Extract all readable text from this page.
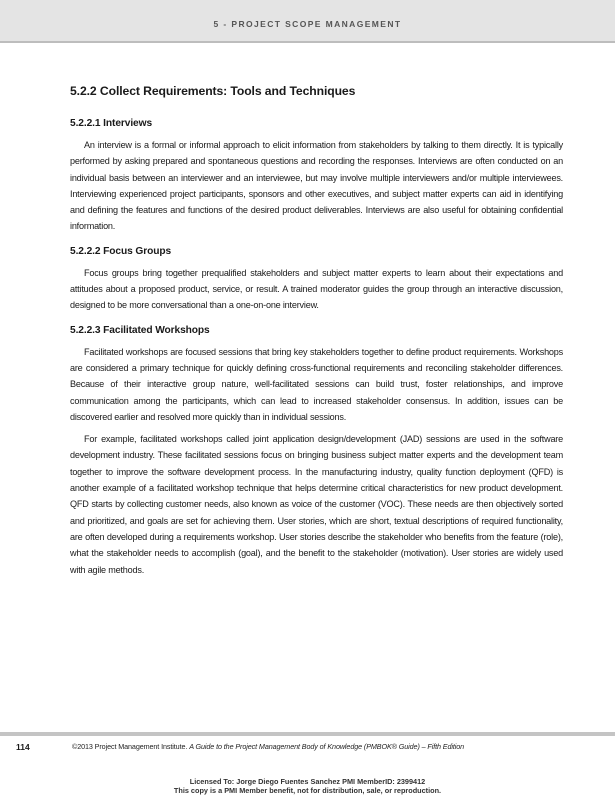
5 - PROJECT SCOPE MANAGEMENT
5.2.2 Collect Requirements: Tools and Techniques
5.2.2.1 Interviews

An interview is a formal or informal approach to elicit information from stakeholders by talking to them directly. It is typically performed by asking prepared and spontaneous questions and recording the responses. Interviews are often conducted on an individual basis between an interviewer and an interviewee, but may involve multiple interviewers and/or multiple interviewees. Interviewing experienced project participants, sponsors and other executives, and subject matter experts can aid in identifying and defining the features and functions of the desired product deliverables. Interviews are also useful for obtaining confidential information.

5.2.2.2 Focus Groups

Focus groups bring together prequalified stakeholders and subject matter experts to learn about their expectations and attitudes about a proposed product, service, or result. A trained moderator guides the group through an interactive discussion, designed to be more conversational than a one-on-one interview.

5.2.2.3 Facilitated Workshops

Facilitated workshops are focused sessions that bring key stakeholders together to define product requirements. Workshops are considered a primary technique for quickly defining cross-functional requirements and reconciling stakeholder differences. Because of their interactive group nature, well-facilitated sessions can build trust, foster relationships, and improve communication among the participants, which can lead to increased stakeholder consensus. In addition, issues can be discovered earlier and resolved more quickly than in individual sessions.

For example, facilitated workshops called joint application design/development (JAD) sessions are used in the software development industry. These facilitated sessions focus on bringing business subject matter experts and the development team together to improve the software development process. In the manufacturing industry, quality function deployment (QFD) is another example of a facilitated workshop technique that helps determine critical characteristics for new product development. QFD starts by collecting customer needs, also known as voice of the customer (VOC). These needs are then objectively sorted and prioritized, and goals are set for achieving them. User stories, which are short, textual descriptions of required functionality, are often developed during a requirements workshop. User stories describe the stakeholder who benefits from the feature (role), what the stakeholder needs to accomplish (goal), and the benefit to the stakeholder (motivation). User stories are widely used with agile methods.

114	©2013 Project Management Institute. A Guide to the Project Management Body of Knowledge (PMBOK® Guide) – Fifth Edition
Licensed To: Jorge Diego Fuentes Sanchez PMI MemberID: 2399412
This copy is a PMI Member benefit, not for distribution, sale, or reproduction.
